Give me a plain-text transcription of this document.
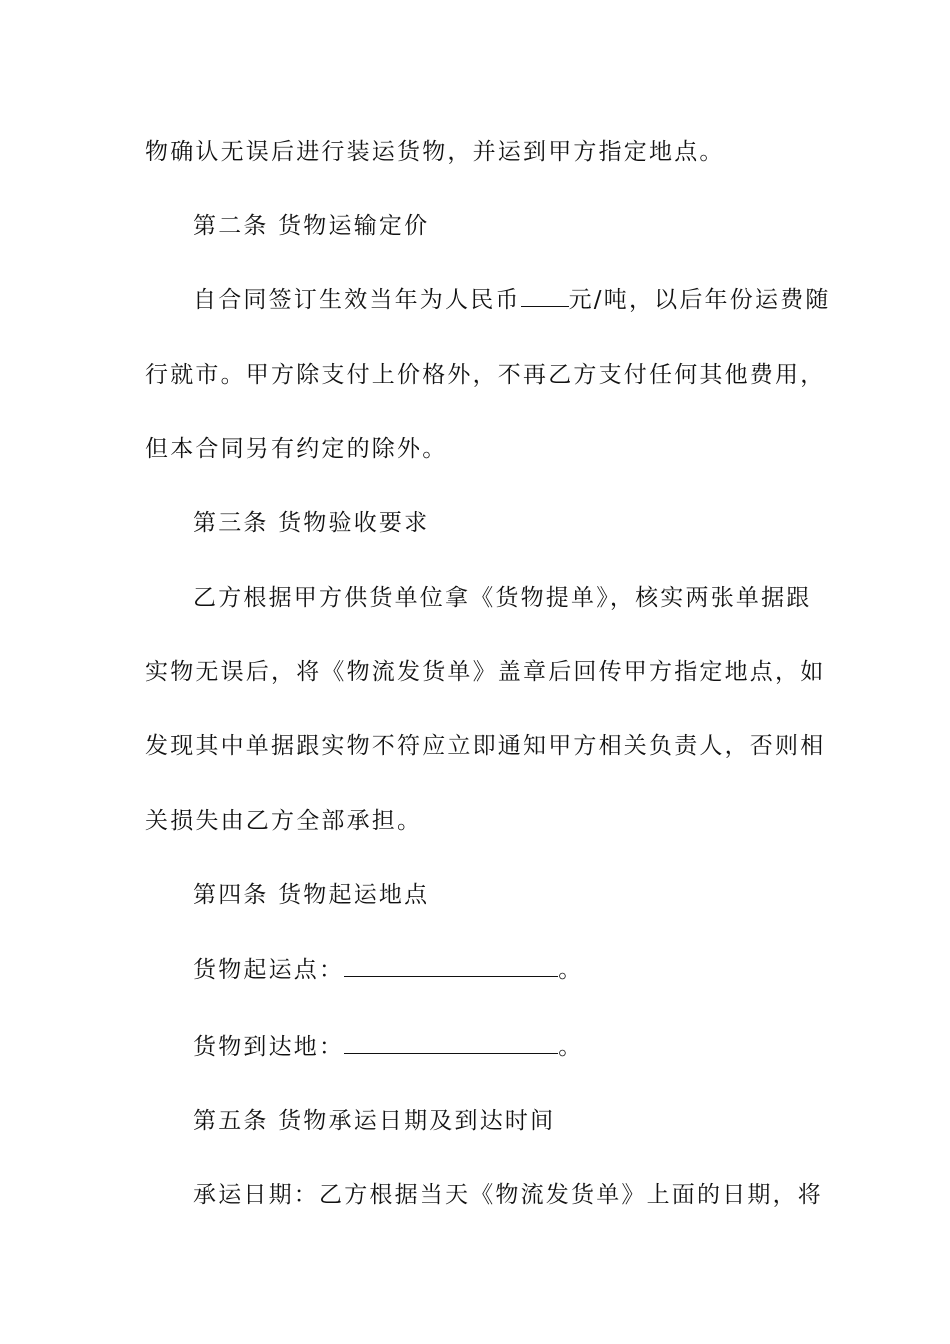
物确认无误后进行装运货物，并运到甲方指定地点。
第二条 货物运输定价
自合同签订生效当年为人民币 元/吨，以后年份运费随
行就市。甲方除支付上价格外，不再乙方支付任何其他费用，
但本合同另有约定的除外。
第三条 货物验收要求
乙方根据甲方供货单位拿《货物提单》，核实两张单据跟
实物无误后，将《物流发货单》盖章后回传甲方指定地点，如
发现其中单据跟实物不符应立即通知甲方相关负责人，否则相
关损失由乙方全部承担。
第四条 货物起运地点
货物起运点：	。
货物到达地：	。
第五条 货物承运日期及到达时间
承运日期：乙方根据当天《物流发货单》上面的日期，将
